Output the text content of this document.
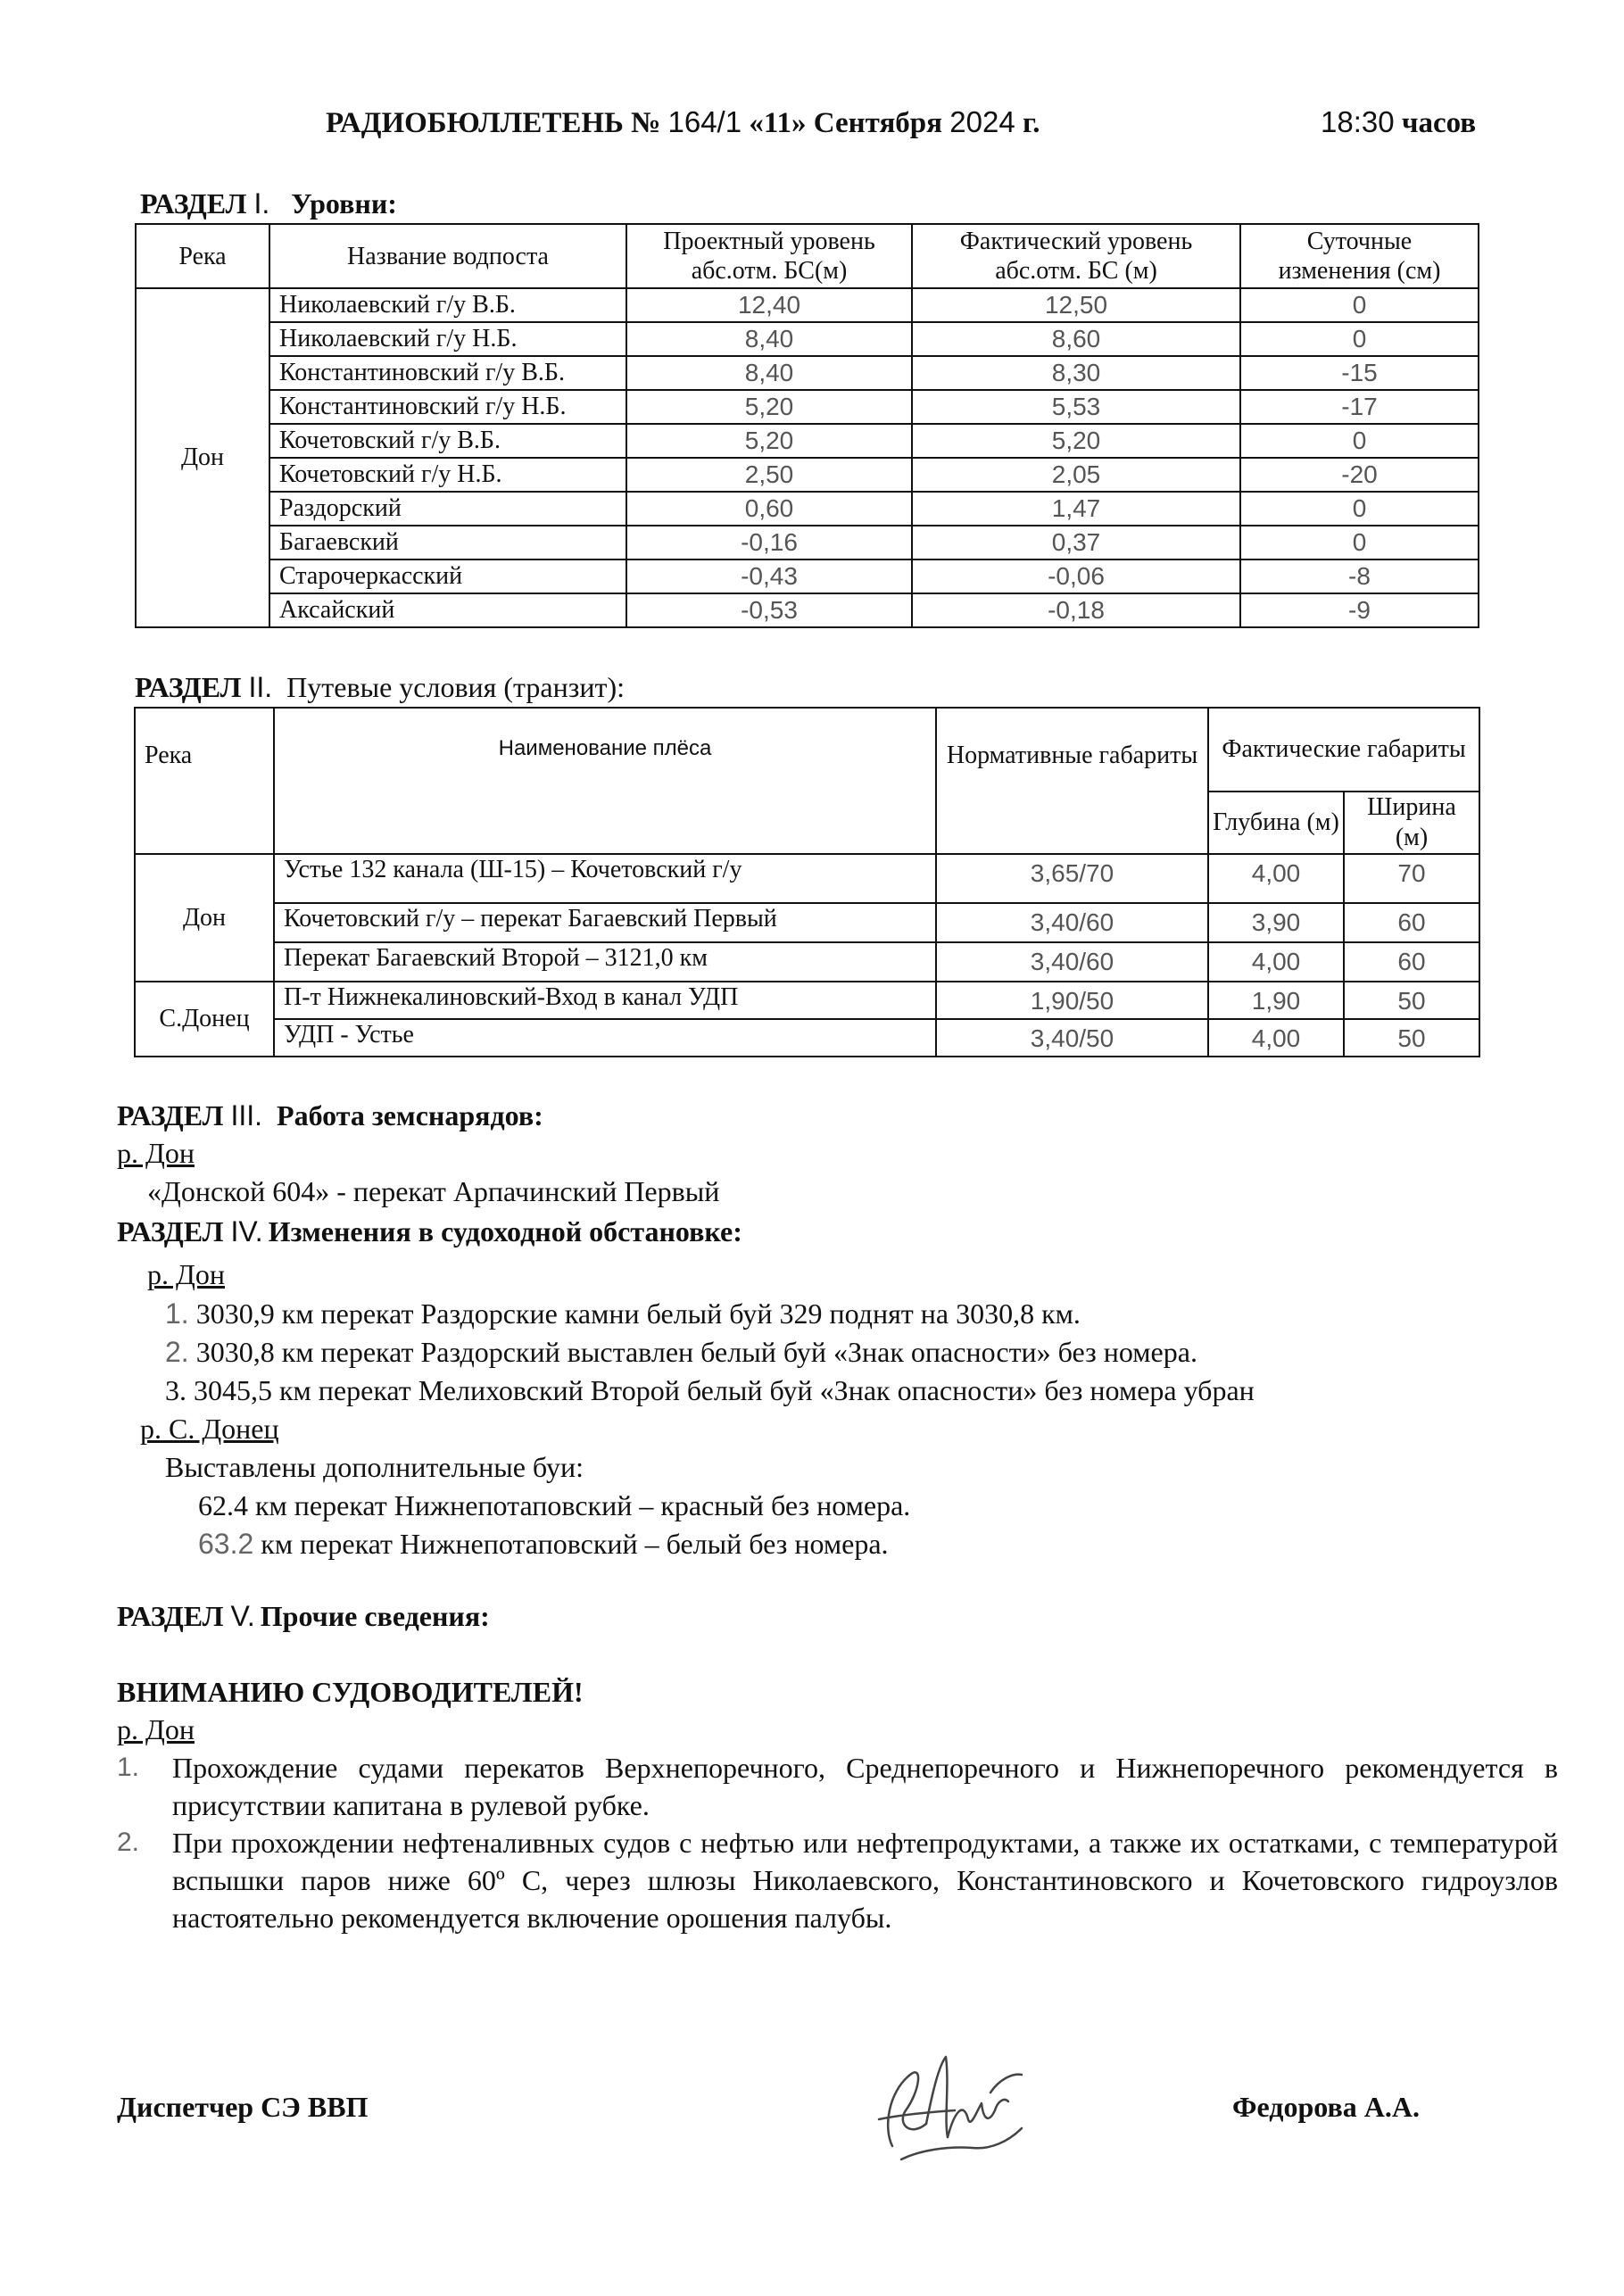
РАДИОБЮЛЛЕТЕНЬ № 164/1 «11» Сентября 2024 г.	18:30 часов
РАЗДЕЛ I. Уровни:
Река	Название водпоста	Проектный уровень абс.отм. БС(м)	Фактический уровень абс.отм. БС (м)	Суточные изменения (см)
Дон	Николаевский г/у В.Б.	12,40	12,50	0
	Николаевский г/у Н.Б.	8,40	8,60	0
	Константиновский г/у В.Б.	8,40	8,30	-15
	Константиновский г/у Н.Б.	5,20	5,53	-17
	Кочетовский г/у В.Б.	5,20	5,20	0
	Кочетовский г/у Н.Б.	2,50	2,05	-20
	Раздорский	0,60	1,47	0
	Багаевский	-0,16	0,37	0
	Старочеркасский	-0,43	-0,06	-8
	Аксайский	-0,53	-0,18	-9
РАЗДЕЛ II. Путевые условия (транзит):
Река	Наименование плёса	Нормативные габариты	Фактические габариты	
			Глубина (м)	Ширина (м)
Дон	Устье 132 канала (Ш-15) – Кочетовский г/у	3,65/70	4,00	70
	Кочетовский г/у – перекат Багаевский Первый	3,40/60	3,90	60
	Перекат Багаевский Второй – 3121,0 км	3,40/60	4,00	60
С.Донец	П-т Нижнекалиновский-Вход в канал УДП	1,90/50	1,90	50
	УДП - Устье	3,40/50	4,00	50
РАЗДЕЛ III. Работа земснарядов:
р. Дон
«Донской 604» - перекат Арпачинский Первый
РАЗДЕЛ IV. Изменения в судоходной обстановке:
р. Дон
1. 3030,9 км перекат Раздорские камни белый буй 329 поднят на 3030,8 км.
2. 3030,8 км перекат Раздорский выставлен белый буй «Знак опасности» без номера.
3. 3045,5 км перекат Мелиховский Второй белый буй «Знак опасности» без номера убран
р. С. Донец
Выставлены дополнительные буи:
62.4 км перекат Нижнепотаповский – красный без номера.
63.2 км перекат Нижнепотаповский – белый без номера.
РАЗДЕЛ V. Прочие сведения:
ВНИМАНИЮ СУДОВОДИТЕЛЕЙ!
р. Дон
1. Прохождение судами перекатов Верхнепоречного, Среднепоречного и Нижнепоречного рекомендуется в присутствии капитана в рулевой рубке.
2. При прохождении нефтеналивных судов с нефтью или нефтепродуктами, а также их остатками, с температурой вспышки паров ниже 60º С, через шлюзы Николаевского, Константиновского и Кочетовского гидроузлов настоятельно рекомендуется включение орошения палубы.
Диспетчер СЭ ВВП	Федорова А.А.
